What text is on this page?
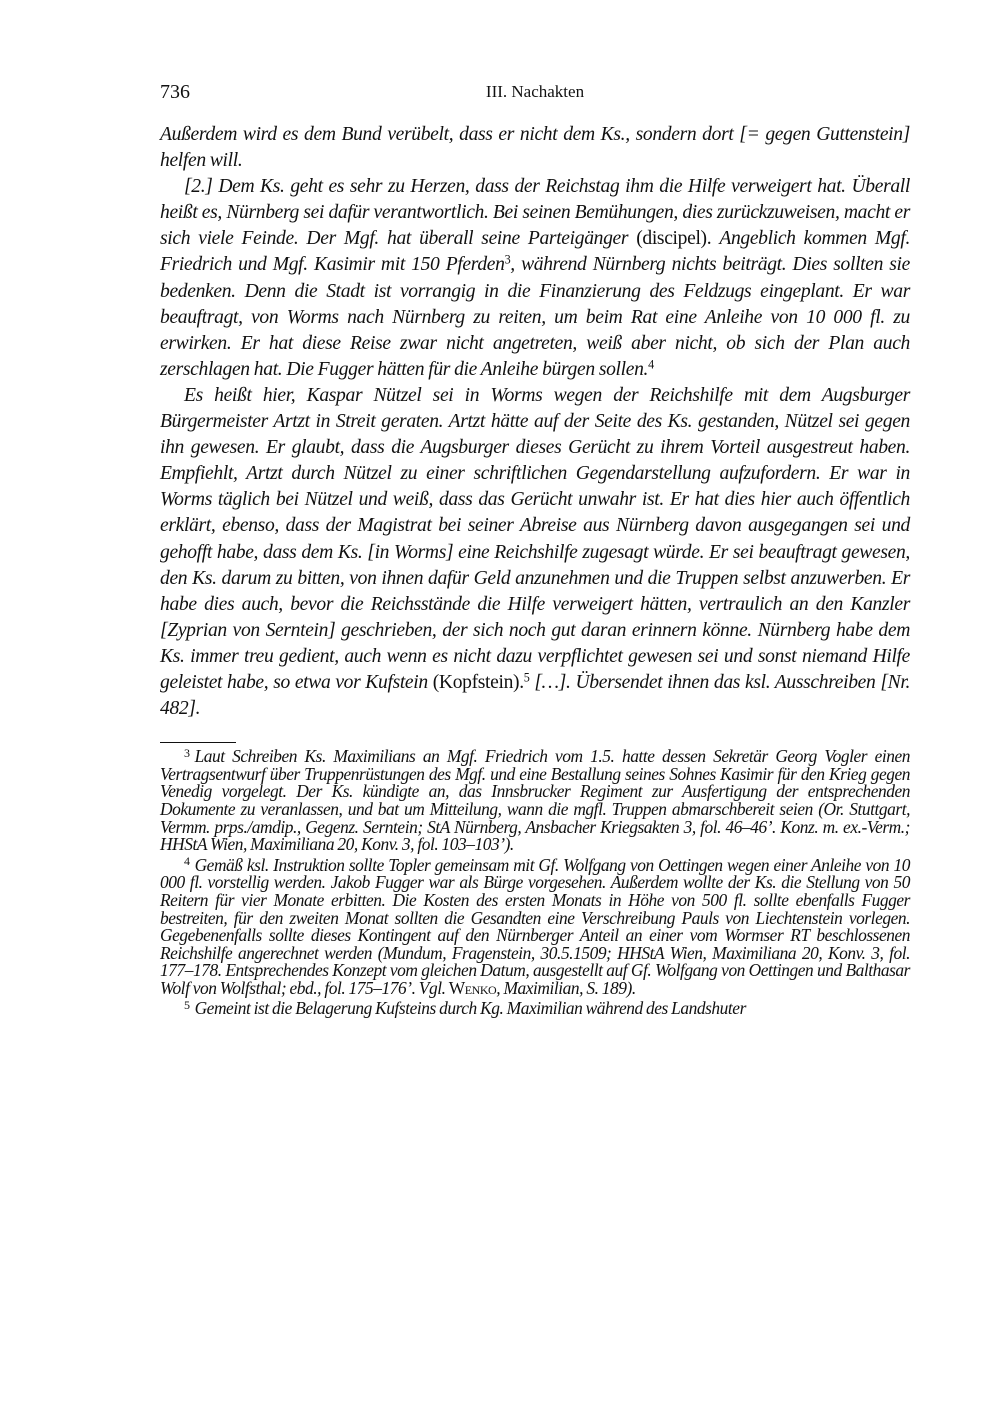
736	III. Nachakten

Außerdem wird es dem Bund verübelt, dass er nicht dem Ks., sondern dort [= gegen Guttenstein] helfen will.

[2.] Dem Ks. geht es sehr zu Herzen, dass der Reichstag ihm die Hilfe verweigert hat. Überall heißt es, Nürnberg sei dafür verantwortlich. Bei seinen Bemühungen, dies zurückzuweisen, macht er sich viele Feinde. Der Mgf. hat überall seine Parteigänger (discipel). Angeblich kommen Mgf. Friedrich und Mgf. Kasimir mit 150 Pferden$^3$, während Nürnberg nichts beiträgt. Dies sollten sie bedenken. Denn die Stadt ist vorrangig in die Finanzierung des Feldzugs eingeplant. Er war beauftragt, von Worms nach Nürnberg zu reiten, um beim Rat eine Anleihe von 10 000 fl. zu erwirken. Er hat diese Reise zwar nicht angetreten, weiß aber nicht, ob sich der Plan auch zerschlagen hat. Die Fugger hätten für die Anleihe bürgen sollen.$^4$

Es heißt hier, Kaspar Nützel sei in Worms wegen der Reichshilfe mit dem Augsburger Bürgermeister Artzt in Streit geraten. Artzt hätte auf der Seite des Ks. gestanden, Nützel sei gegen ihn gewesen. Er glaubt, dass die Augsburger dieses Gerücht zu ihrem Vorteil ausgestreut haben. Empfiehlt, Artzt durch Nützel zu einer schriftlichen Gegendarstellung aufzufordern. Er war in Worms täglich bei Nützel und weiß, dass das Gerücht unwahr ist. Er hat dies hier auch öffentlich erklärt, ebenso, dass der Magistrat bei seiner Abreise aus Nürnberg davon ausgegangen sei und gehofft habe, dass dem Ks. [in Worms] eine Reichshilfe zugesagt würde. Er sei beauftragt gewesen, den Ks. darum zu bitten, von ihnen dafür Geld anzunehmen und die Truppen selbst anzuwerben. Er habe dies auch, bevor die Reichsstände die Hilfe verweigert hätten, vertraulich an den Kanzler [Zyprian von Serntein] geschrieben, der sich noch gut daran erinnern könne. Nürnberg habe dem Ks. immer treu gedient, auch wenn es nicht dazu verpflichtet gewesen sei und sonst niemand Hilfe geleistet habe, so etwa vor Kufstein (Kopfstein).$^5$ […]. Übersendet ihnen das ksl. Ausschreiben [Nr. 482].

$^3$ Laut Schreiben Ks. Maximilians an Mgf. Friedrich vom 1.5. hatte dessen Sekretär Georg Vogler einen Vertragsentwurf über Truppenrüstungen des Mgf. und eine Bestallung seines Sohnes Kasimir für den Krieg gegen Venedig vorgelegt. Der Ks. kündigte an, das Innsbrucker Regiment zur Ausfertigung der entsprechenden Dokumente zu veranlassen, und bat um Mitteilung, wann die mgfl. Truppen abmarschbereit seien (Or. Stuttgart, Vermm. prps./amdip., Gegenz. Serntein; StA Nürnberg, Ansbacher Kriegsakten 3, fol. 46–46’. Konz. m. ex.-Verm.; HHStA Wien, Maximiliana 20, Konv. 3, fol. 103–103’).

$^4$ Gemäß ksl. Instruktion sollte Topler gemeinsam mit Gf. Wolfgang von Oettingen wegen einer Anleihe von 10 000 fl. vorstellig werden. Jakob Fugger war als Bürge vorgesehen. Außerdem wollte der Ks. die Stellung von 50 Reitern für vier Monate erbitten. Die Kosten des ersten Monats in Höhe von 500 fl. sollte ebenfalls Fugger bestreiten, für den zweiten Monat sollten die Gesandten eine Verschreibung Pauls von Liechtenstein vorlegen. Gegebenenfalls sollte dieses Kontingent auf den Nürnberger Anteil an einer vom Wormser RT beschlossenen Reichshilfe angerechnet werden (Mundum, Fragenstein, 30.5.1509; HHStA Wien, Maximiliana 20, Konv. 3, fol. 177–178. Entsprechendes Konzept vom gleichen Datum, ausgestellt auf Gf. Wolfgang von Oettingen und Balthasar Wolf von Wolfsthal; ebd., fol. 175–176’. Vgl. Wenko, Maximilian, S. 189).

$^5$ Gemeint ist die Belagerung Kufsteins durch Kg. Maximilian während des Landshuter
